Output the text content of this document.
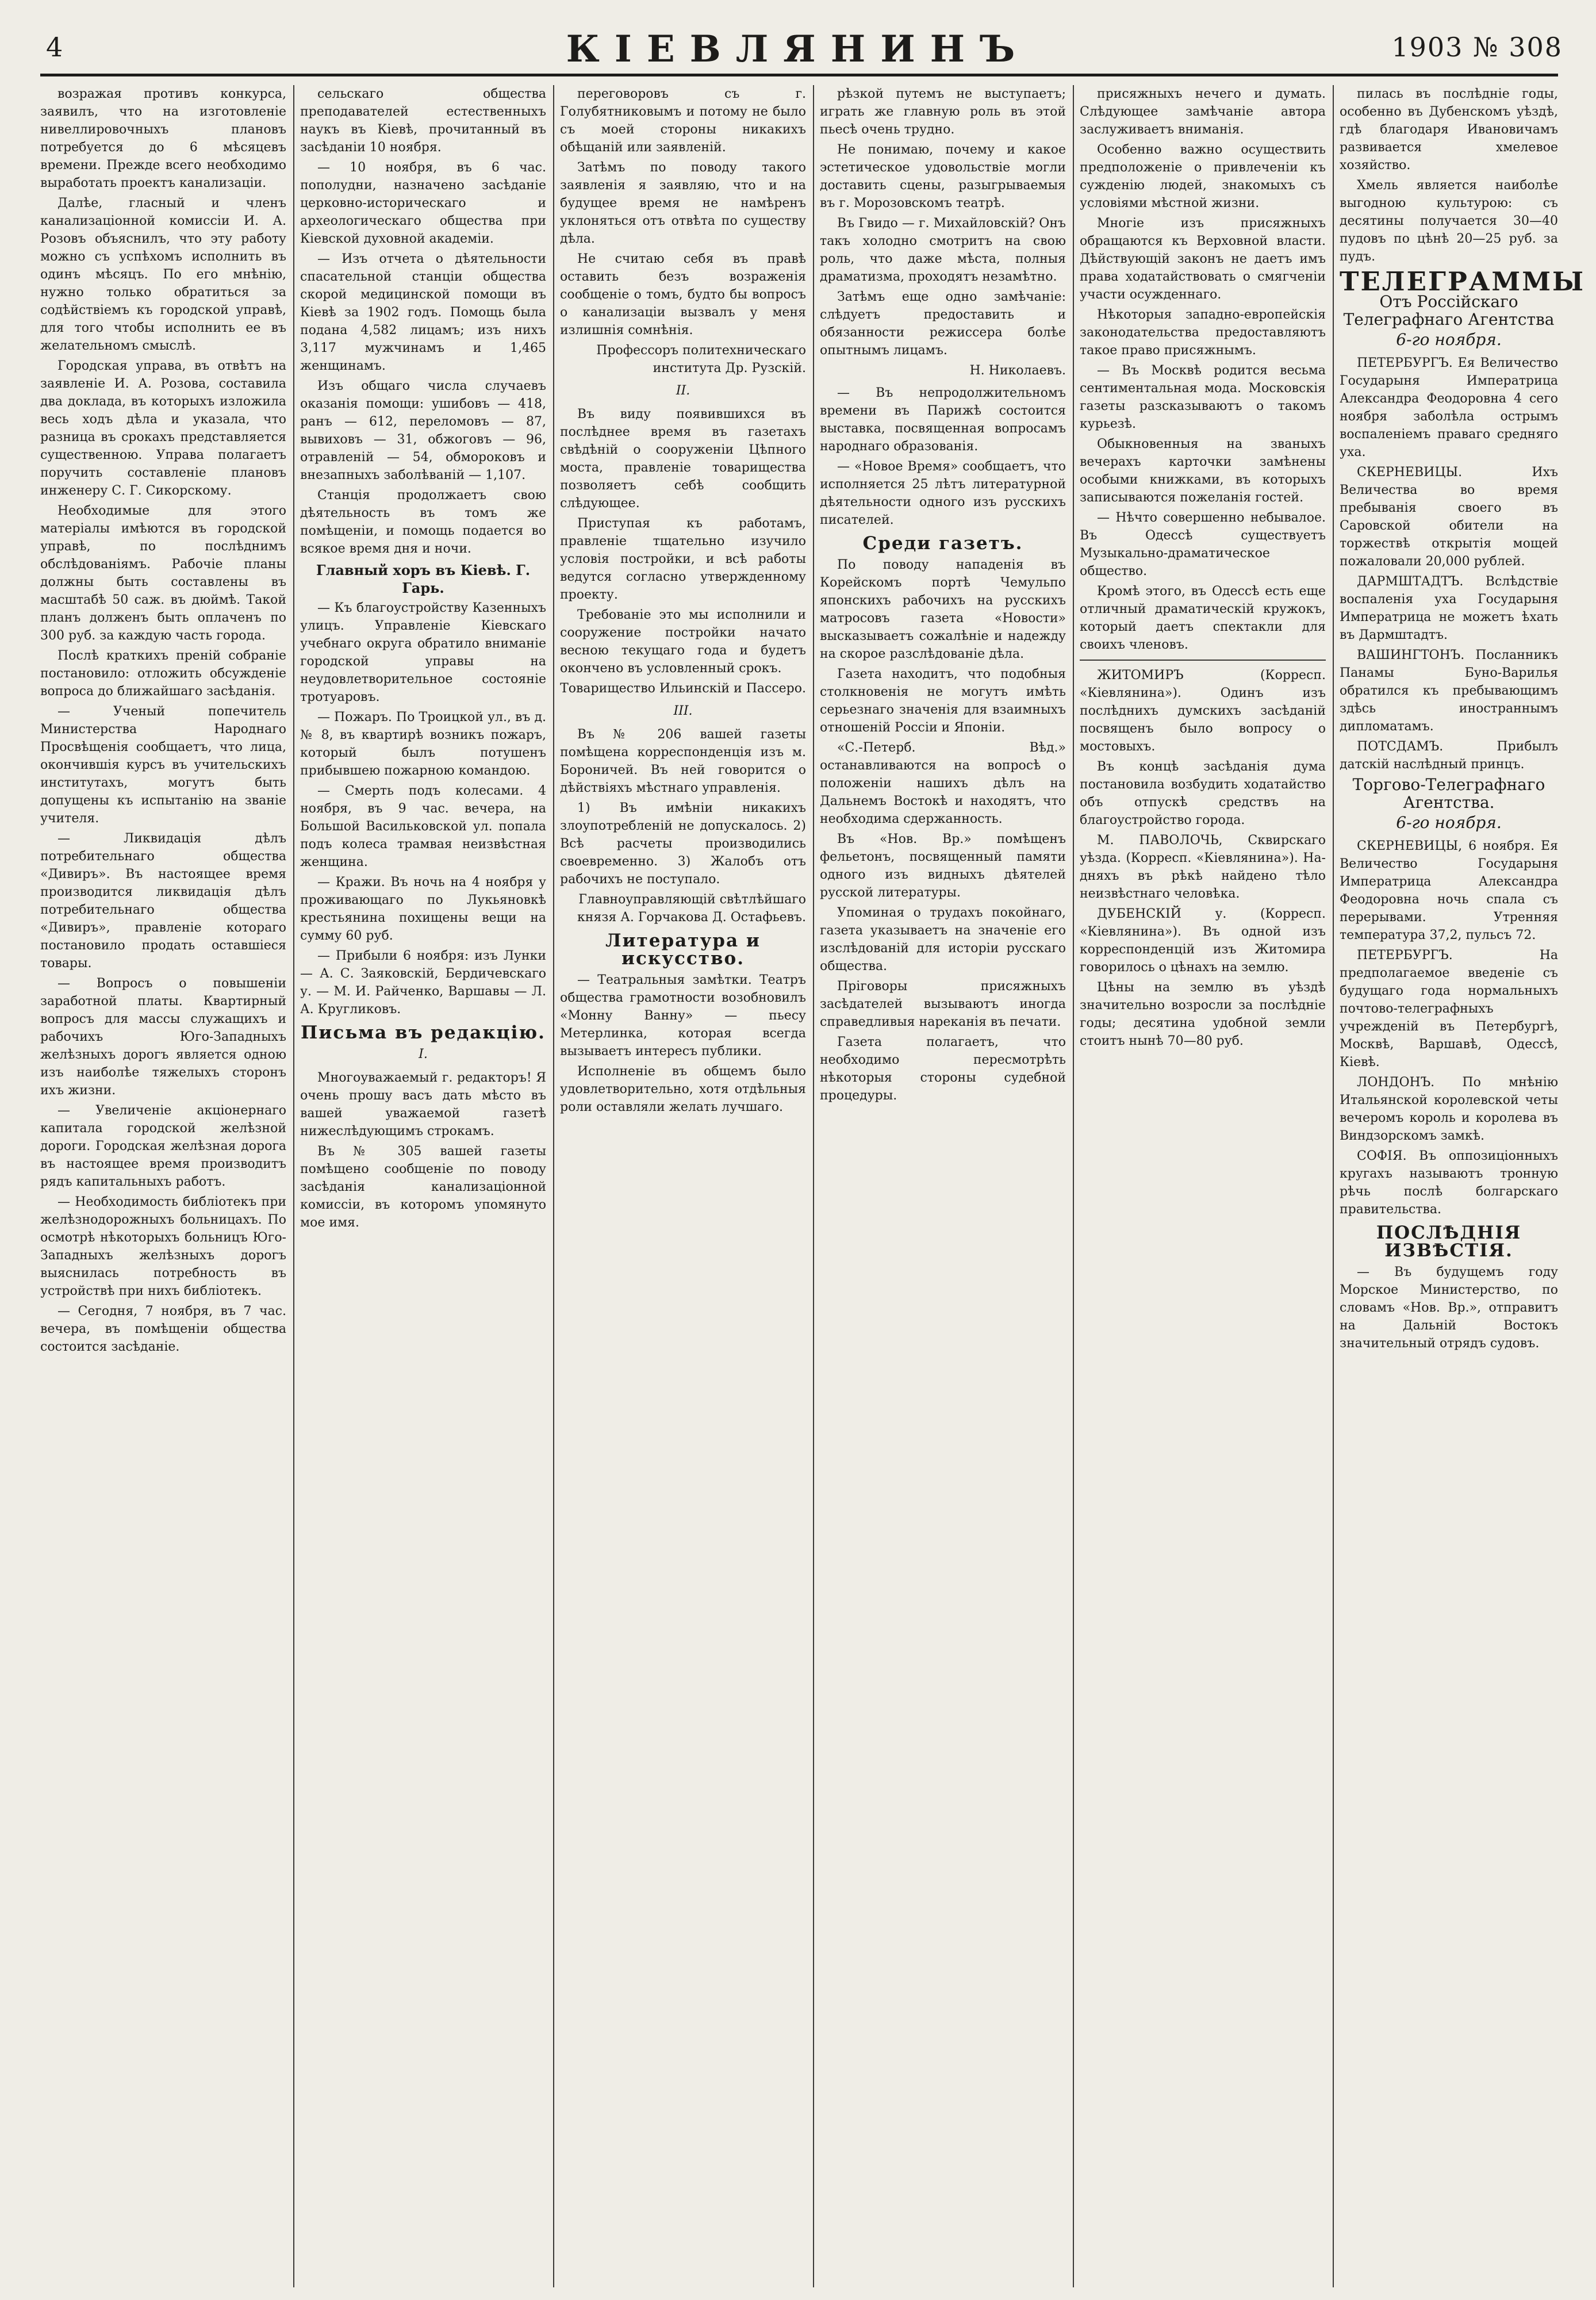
4	КІЕВЛЯНИНЪ	1903 № 308

возражая противъ конкурса, заявилъ, что на изготовленіе нивеллировочныхъ плановъ потребуется до 6 мѣсяцевъ времени. Прежде всего необходимо выработать проектъ канализаціи.

Далѣе, гласный и членъ канализаціонной комиссіи И. А. Розовъ объяснилъ, что эту работу можно съ успѣхомъ исполнить въ одинъ мѣсяцъ. По его мнѣнію, нужно только обратиться за содѣйствіемъ къ городской управѣ, для того чтобы исполнить ее въ желательномъ смыслѣ.

Городская управа, въ отвѣтъ на заявленіе И. А. Розова, составила два доклада, въ которыхъ изложила весь ходъ дѣла и указала, что разница въ срокахъ представляется существенною. Управа полагаетъ поручить составленіе плановъ инженеру С. Г. Сикорскому.

Необходимые для этого матеріалы имѣются въ городской управѣ, по послѣднимъ обслѣдованіямъ. Рабочіе планы должны быть составлены въ масштабѣ 50 саж. въ дюймѣ. Такой планъ долженъ быть оплаченъ по 300 руб. за каждую часть города.

Послѣ краткихъ преній собраніе постановило: отложить обсужденіе вопроса до ближайшаго засѣданія.

— Ученый попечитель Министерства Народнаго Просвѣщенія сообщаетъ, что лица, окончившія курсъ въ учительскихъ институтахъ, могутъ быть допущены къ испытанію на званіе учителя.

— Ликвидація дѣлъ потребительнаго общества «Дивиръ». Въ настоящее время производится ликвидація дѣлъ потребительнаго общества «Дивиръ», правленіе котораго постановило продать оставшіеся товары.

— Вопросъ о повышеніи заработной платы. Квартирный вопросъ для массы служащихъ и рабочихъ Юго-Западныхъ желѣзныхъ дорогъ является одною изъ наиболѣе тяжелыхъ сторонъ ихъ жизни.

— Увеличеніе акціонернаго капитала городской желѣзной дороги. Городская желѣзная дорога въ настоящее время производитъ рядъ капитальныхъ работъ.

— Необходимость библіотекъ при желѣзнодорожныхъ больницахъ. По осмотрѣ нѣкоторыхъ больницъ Юго-Западныхъ желѣзныхъ дорогъ выяснилась потребность въ устройствѣ при нихъ библіотекъ.

— Сегодня, 7 ноября, въ 7 час. вечера, въ помѣщеніи общества состоится засѣданіе.

сельскаго общества преподавателей естественныхъ наукъ въ Кіевѣ, прочитанный въ засѣданіи 10 ноября.

— 10 ноября, въ 6 час. пополудни, назначено засѣданіе церковно-историческаго и археологическаго общества при Кіевской духовной академіи.

— Изъ отчета о дѣятельности спасательной станціи общества скорой медицинской помощи въ Кіевѣ за 1902 годъ. Помощь была подана 4,582 лицамъ; изъ нихъ 3,117 мужчинамъ и 1,465 женщинамъ.

Изъ общаго числа случаевъ оказанія помощи: ушибовъ — 418, ранъ — 612, переломовъ — 87, вывиховъ — 31, обжоговъ — 96, отравленій — 54, обмороковъ и внезапныхъ заболѣваній — 1,107.

Станція продолжаетъ свою дѣятельность въ томъ же помѣщеніи, и помощь подается во всякое время дня и ночи.

Главный хоръ въ Кіевѣ. Г. Гарь.

— Къ благоустройству Казенныхъ улицъ. Управленіе Кіевскаго учебнаго округа обратило вниманіе городской управы на неудовлетворительное состояніе тротуаровъ.

— Пожаръ. По Троицкой ул., въ д. № 8, въ квартирѣ возникъ пожаръ, который былъ потушенъ прибывшею пожарною командою.

— Смерть подъ колесами. 4 ноября, въ 9 час. вечера, на Большой Васильковской ул. попала подъ колеса трамвая неизвѣстная женщина.

— Кражи. Въ ночь на 4 ноября у проживающаго по Лукьяновкѣ крестьянина похищены вещи на сумму 60 руб.

— Прибыли 6 ноября: изъ Лунки — А. С. Заяковскій, Бердичевскаго у. — М. И. Райченко, Варшавы — Л. А. Кругликовъ.

Письма въ редакцію.
I.

Многоуважаемый г. редакторъ! Я очень прошу васъ дать мѣсто въ вашей уважаемой газетѣ нижеслѣдующимъ строкамъ.

Въ № 305 вашей газеты помѣщено сообщеніе по поводу засѣданія канализаціонной комиссіи, въ которомъ упомянуто мое имя.

переговоровъ съ г. Голубятниковымъ и потому не было съ моей стороны никакихъ обѣщаній или заявленій.

Затѣмъ по поводу такого заявленія я заявляю, что и на будущее время не намѣренъ уклоняться отъ отвѣта по существу дѣла.

Не считаю себя въ правѣ оставить безъ возраженія сообщеніе о томъ, будто бы вопросъ о канализаціи вызвалъ у меня излишнія сомнѣнія.

Профессоръ политехническаго института Др. Рузскій.
II.

Въ виду появившихся въ послѣднее время въ газетахъ свѣдѣній о сооруженіи Цѣпного моста, правленіе товарищества позволяетъ себѣ сообщить слѣдующее.

Приступая къ работамъ, правленіе тщательно изучило условія постройки, и всѣ работы ведутся согласно утвержденному проекту.

Требованіе это мы исполнили и сооружение постройки начато весною текущаго года и будетъ окончено въ условленный срокъ.

Товарищество Ильинскій и Пассеро.
III.

Въ № 206 вашей газеты помѣщена корреспонденція изъ м. Бороничей. Въ ней говорится о дѣйствіяхъ мѣстнаго управленія.

1) Въ имѣніи никакихъ злоупотребленій не допускалось. 2) Всѣ расчеты производились своевременно. 3) Жалобъ отъ рабочихъ не поступало.

Главноуправляющій свѣтлѣйшаго князя А. Горчакова Д. Остафьевъ.
Литература и искусство.

— Театральныя замѣтки. Театръ общества грамотности возобновилъ «Монну Ванну» — пьесу Метерлинка, которая всегда вызываетъ интересъ публики.

Исполненіе въ общемъ было удовлетворительно, хотя отдѣльныя роли оставляли желать лучшаго.

рѣзкой путемъ не выступаетъ; играть же главную роль въ этой пьесѣ очень трудно.

Не понимаю, почему и какое эстетическое удовольствіе могли доставить сцены, разыгрываемыя въ г. Морозовскомъ театрѣ.

Въ Гвидо — г. Михайловскій? Онъ такъ холодно смотритъ на свою роль, что даже мѣста, полныя драматизма, проходятъ незамѣтно.

Затѣмъ еще одно замѣчаніе: слѣдуетъ предоставить и обязанности режиссера болѣе опытнымъ лицамъ.

Н. Николаевъ.

— Въ непродолжительномъ времени въ Парижѣ состоится выставка, посвященная вопросамъ народнаго образованія.

— «Новое Время» сообщаетъ, что исполняется 25 лѣтъ литературной дѣятельности одного изъ русскихъ писателей.

Среди газетъ.

По поводу нападенія въ Корейскомъ портѣ Чемульпо японскихъ рабочихъ на русскихъ матросовъ газета «Новости» высказываетъ сожалѣніе и надежду на скорое разслѣдованіе дѣла.

Газета находитъ, что подобныя столкновенія не могутъ имѣть серьезнаго значенія для взаимныхъ отношеній Россіи и Японіи.

«С.-Петерб. Вѣд.» останавливаются на вопросѣ о положеніи нашихъ дѣлъ на Дальнемъ Востокѣ и находятъ, что необходима сдержанность.

Въ «Нов. Вр.» помѣщенъ фельетонъ, посвященный памяти одного изъ видныхъ дѣятелей русской литературы.

Упоминая о трудахъ покойнаго, газета указываетъ на значеніе его изслѣдованій для исторіи русскаго общества.

Пріговоры присяжныхъ засѣдателей вызываютъ иногда справедливыя нареканія въ печати.

Газета полагаетъ, что необходимо пересмотрѣть нѣкоторыя стороны судебной процедуры.

присяжныхъ нечего и думать. Слѣдующее замѣчаніе автора заслуживаетъ вниманія.

Особенно важно осуществить предположеніе о привлеченіи къ сужденію людей, знакомыхъ съ условіями мѣстной жизни.

Многіе изъ присяжныхъ обращаются къ Верховной власти. Дѣйствующій законъ не даетъ имъ права ходатайствовать о смягченіи участи осужденнаго.

Нѣкоторыя западно-европейскія законодательства предоставляютъ такое право присяжнымъ.

— Въ Москвѣ родится весьма сентиментальная мода. Московскія газеты разсказываютъ о такомъ курьезѣ.

Обыкновенныя на званыхъ вечерахъ карточки замѣнены особыми книжками, въ которыхъ записываются пожеланія гостей.

— Нѣчто совершенно небывалое. Въ Одессѣ существуетъ Музыкально-драматическое общество.

Кромѣ этого, въ Одессѣ есть еще отличный драматическій кружокъ, который даетъ спектакли для своихъ членовъ.

ЖИТОМИРЪ (Корресп. «Кіевлянина»). Одинъ изъ послѣднихъ думскихъ засѣданій посвященъ было вопросу о мостовыхъ.

Въ концѣ засѣданія дума постановила возбудить ходатайство объ отпускѣ средствъ на благоустройство города.

М. ПАВОЛОЧЬ, Сквирскаго уѣзда. (Корресп. «Кіевлянина»). На-дняхъ въ рѣкѣ найдено тѣло неизвѣстнаго человѣка.

ДУБЕНСКІЙ у. (Корресп. «Кіевлянина»). Въ одной изъ корреспонденцій изъ Житомира говорилось о цѣнахъ на землю.

Цѣны на землю въ уѣздѣ значительно возросли за послѣдніе годы; десятина удобной земли стоитъ нынѣ 70—80 руб.

пилась въ послѣдніе годы, особенно въ Дубенскомъ уѣздѣ, гдѣ благодаря Ивановичамъ развивается хмелевое хозяйство.

Хмель является наиболѣе выгодною культурою: съ десятины получается 30—40 пудовъ по цѣнѣ 20—25 руб. за пудъ.

ТЕЛЕГРАММЫ
Отъ Россійскаго Телеграфнаго Агентства
6-го ноября.

ПЕТЕРБУРГЪ. Ея Величество Государыня Императрица Александра Феодоровна 4 сего ноября заболѣла острымъ воспаленіемъ праваго средняго уха.

СКЕРНЕВИЦЫ. Ихъ Величества во время пребыванія своего въ Саровской обители на торжествѣ открытія мощей пожаловали 20,000 рублей.

ДАРМШТАДТЪ. Вслѣдствіе воспаленія уха Государыня Императрица не можетъ ѣхать въ Дармштадтъ.

ВАШИНГТОНЪ. Посланникъ Панамы Буно-Варилья обратился къ пребывающимъ здѣсь иностраннымъ дипломатамъ.

ПОТСДАМЪ. Прибылъ датскій наслѣдный принцъ.

Торгово-Телеграфнаго Агентства.
6-го ноября.

СКЕРНЕВИЦЫ, 6 ноября. Ея Величество Государыня Императрица Александра Феодоровна ночь спала съ перерывами. Утренняя температура 37,2, пульсъ 72.

ПЕТЕРБУРГЪ. На предполагаемое введеніе съ будущаго года нормальныхъ почтово-телеграфныхъ учрежденій въ Петербургѣ, Москвѣ, Варшавѣ, Одессѣ, Кіевѣ.

ЛОНДОНЪ. По мнѣнію Итальянской королевской четы вечеромъ король и королева въ Виндзорскомъ замкѣ.

СОФІЯ. Въ оппозиціонныхъ кругахъ называютъ тронную рѣчь послѣ болгарскаго правительства.

ПОСЛѢДНІЯ ИЗВѢСТІЯ.

— Въ будущемъ году Морское Министерство, по словамъ «Нов. Вр.», отправитъ на Дальній Востокъ значительный отрядъ судовъ.
